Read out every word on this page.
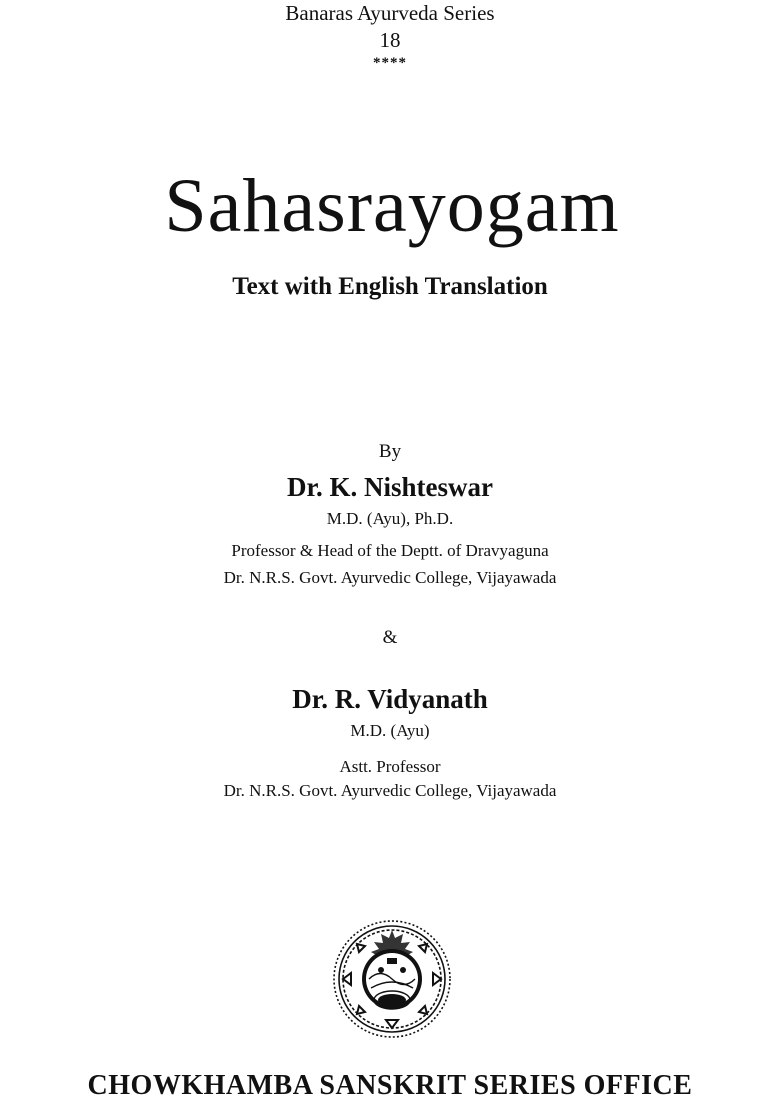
Banaras Ayurveda Series
18
****
Sahasrayogam
Text with English Translation
By
Dr. K. Nishteswar
M.D. (Ayu), Ph.D.
Professor & Head of the Deptt. of Dravyaguna
Dr. N.R.S. Govt. Ayurvedic College, Vijayawada
&
Dr. R. Vidyanath
M.D. (Ayu)
Astt. Professor
Dr. N.R.S. Govt. Ayurvedic College, Vijayawada
CHOWKHAMBA SANSKRIT SERIES OFFICE
